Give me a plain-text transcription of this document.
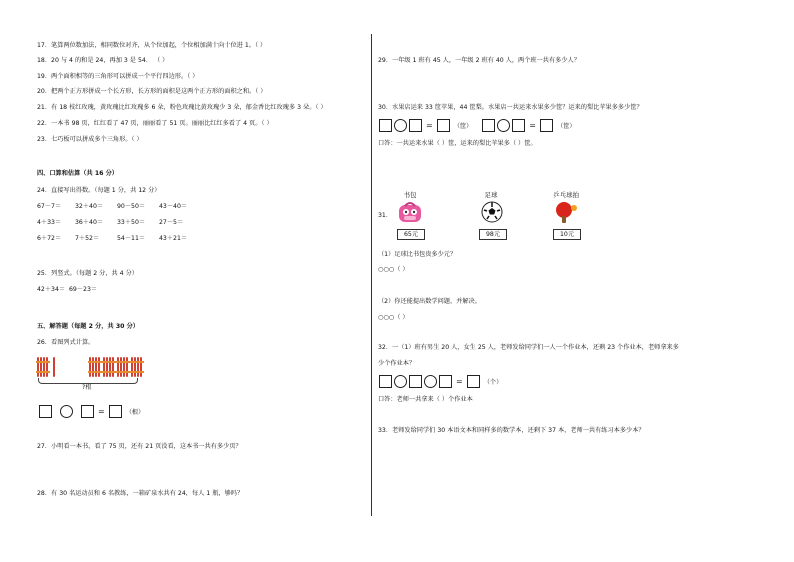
17．笔算两位数加法，相同数位对齐，从个位加起，个位相加满十向十位进 1。（ ）
18．20 与 4 的和是 24，再加 3 是 54． （ ）
19．两个面积相等的三角形可以拼成一个平行四边形。（ ）
20．把两个正方形拼成一个长方形，长方形的面积是这两个正方形的面积之和。（ ）
21．有 18 枝红玫瑰，黄玫瑰比红玫瑰多 6 朵，粉色玫瑰比黄玫瑰少 3 朵，郁金香比红玫瑰多 3 朵。（ ）
22．一本书 98 页，红红看了 47 页，丽丽看了 51 页。丽丽比红红多看了 4 页。（ ）
23．七巧板可以拼成多个三角形。（ ）
四、口算和估算（共 16 分）
24．直接写出得数。（每题 1 分，共 12 分）
67－7＝ 32＋40＝ 90－50＝ 43－40＝
4＋33＝ 36＋40＝ 33＋50＝ 27－5＝
6＋72＝ 7＋52＝	54－11＝ 43＋21＝
25．列竖式。（每题 2 分，共 4 分）
42＋34＝ 69－23＝
五、解答题（每题 2 分，共 30 分）
26．看图列式计算。
?根
=	（根）
27．小明看一本书，看了 75 页，还有 21 页没看，这本书一共有多少页？
28．有 30 名运动员和 6 名教练，一箱矿泉水共有 24，每人 1 瓶，够吗？
29．一年级 1 班有 45 人，一年级 2 班有 40 人，两个班一共有多少人？
30．水果店运来 33 筐苹果，44 筐梨。水果店一共运来水果多少筐？运来的梨比苹果多多少筐？
=	（筐）	=	（筐）
口答：一共运来水果（ ）筐，运来的梨比苹果多（ ）筐。
31．
书包
65元
足球
98元
乒乓球拍
10元
（1）足球比书包贵多少元？
○○○（ ）
（2）你还能提出数学问题，并解决。
○○○（ ）
32．一（1）班有男生 20 人，女生 25 人，老师发给同学们一人一个作业本，还剩 23 个作业本，老师拿来多
少个作业本？
=	（个）
口答：老师一共拿来（ ）个作业本
33．老师发给同学们 30 本语文本和同样多的数学本，还剩下 37 本，老师一共有练习本多少本？
